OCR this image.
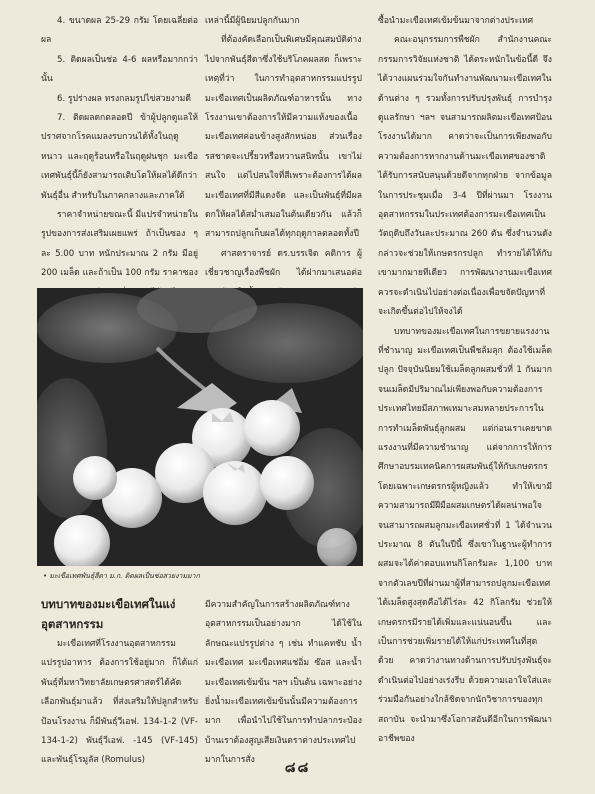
4. ขนาดผล 25-29 กรัม โดยเฉลี่ยต่อผล

5. ติดผลเป็นช่อ 4-6 ผลหรือมากกว่านั้น

6. รูปร่างผล ทรงกลมรูปไข่สวยงามดี

7. ติดผลดกตลอดปี ข้าผู้ปลูกดูแลให้ปราศจากโรคแมลงรบกวนได้ทั้งในฤดูหนาว และฤดูร้อนหรือในฤดูฝนชุก มะเขือเทศพันธุ์นี้ก็ยังสามารถเติบโตให้ผลได้ดีกว่าพันธุ์อื่น สำหรับในภาคกลางและภาคใต้

ราคาจำหน่ายขณะนี้ มีแปรจำหน่ายในรูปของการส่งเสริมเผยแพร่ ถ้าเป็นซอง ๆ ละ 5.00 บาท หนักประมาณ 2 กรัม มีอยู่ 200 เมล็ด และถ้าเป็น 100 กรัม ราคาซอง

เหล่านี้มีผู้นิยมปลูกกันมาก

ที่ต้องคัดเลือกเป็นพิเศษมีคุณสมบัติต่างไปจากพันธุ์สีดาซึ่งใช้บริโภคผลสด ก็เพราะเหตุที่ว่า ในการทำอุตสาหกรรมแปรรูปมะเขือเทศเป็นผลิตภัณฑ์อาหารนั้น ทางโรงงานเขาต้องการให้มีความแห้งของเนื้อมะเขือเทศค่อนข้างสูงสักหน่อย ส่วนเรื่องรสชาดจะเปรี้ยวหรือหวานสนิทนั้น เขาไม่สนใจ แต่ไปสนใจที่สีเพราะต้องการได้ผลมะเขือเทศที่มีสีแดงจัด และเป็นพันธุ์ที่มีผลดกให้ผลได้สม่ำเสมอในต้นเดียวกัน แล้วก็สามารถปลูกเก็บผลได้ทุกฤดูกาลตลอดทั้งปี

ศาสตราจารย์ ดร.บรรเจิด คติการ ผู้เชี่ยวชาญเรื่องพืชผัก ได้ฝากมาเสนอต่อ

ซื้อนำมะเขือเทศเข้มข้นมาจากต่างประเทศ

คณะอนุกรรมการพืชผัก สำนักงานคณะกรรมการวิจัยแห่งชาติ ได้ตระหนักในข้อนี้ดี จึงได้วางแผนร่วมใจกันทำงานพัฒนามะเขือเทศในด้านต่าง ๆ รวมทั้งการปรับปรุงพันธุ์ การบำรุงดูแลรักษา ฯลฯ จนสามารถผลิตมะเขือเทศป้อนโรงงานได้มาก คาดว่าจะเป็นการเพียงพอกับความต้องการหากงานด้านมะเขือเทศของชาติได้รับการสนับสนุนด้วยดีจากทุกฝ่าย จากข้อมูลในการประชุมเมื่อ 3-4 ปีที่ผ่านมา โรงงานอุตสาหกรรมในประเทศต้องการมะเขือเทศเป็นวัตถุดิบถึงวันละประมาณ 260 ตัน ซึ่งจำนวนดังกล่าวจะช่วยให้เกษตรกรปลูก ทำรายได้ให้กับเขามากมายทีเดียว การพัฒนางานมะเขือเทศควรจะดำเนินไปอย่างต่อเนื่องเพื่อขจัดปัญหาที่จะเกิดขึ้นต่อไปให้จงได้

บทบาทของมะเขือเทศในการขยายแรงงานที่ชำนาญ มะเขือเทศเป็นพืชล้มลุก ต้องใช้เมล็ดปลูก ปัจจุบันนิยมใช้เมล็ดลูกผสมชั่วที่ 1 กันมาก จนเมล็ดมีปริมาณไม่เพียงพอกับความต้องการ ประเทศไทยมีสภาพเหมาะสมหลายประการในการทำเมล็ดพันธุ์ลูกผสม แต่ก่อนเราเคยขาดแรงงานที่มีความชำนาญ แต่จากการให้การศึกษาอบรมเทคนิคการผสมพันธุ์ให้กับเกษตรกร โดยเฉพาะเกษตรกรผู้หญิงแล้ว ทำให้เขามีความสามารถมีฝีมือผสมเกษตรได้ผลน่าพอใจ จนสามารถผสมลูกมะเขือเทศชั่วที่ 1 ได้จำนวนประมาณ 8 ตันในปีนี้ ซึ่งเขาในฐานะผู้ทำการผสมจะได้ค่าตอบแทนกิโลกรัมละ 1,100 บาท จากตัวเลขปีที่ผ่านมาผู้ที่สามารถปลูกมะเขือเทศได้เมล็ดสูงสุดคือได้ไร่ละ 42 กิโลกรัม ช่วยให้เกษตรกรมีรายได้เพิ่มและแน่นอนขึ้น และเป็นการช่วยเพิ่มรายได้ให้แก่ประเทศในที่สุดด้วย คาดว่างานทางด้านการปรับปรุงพันธุ์จะดำเนินต่อไปอย่างเร่งรีบ ด้วยความเอาใจใส่และร่วมมือกันอย่างใกล้ชิดจากนักวิชาการของทุกสถาบัน จะนำมาซึ่งโอกาสอันดีอีกในการพัฒนาอาชีพของ

• มะเขือเทศพันธุ์สีดา ม.ก. ติดผลเป็นช่อสวยงามมาก
บทบาทของมะเขือเทศในแง่อุตสาหกรรม

มะเขือเทศที่โรงงานอุตสาหกรรมแปรรูปอาหาร ต้องการใช้อยู่มาก ก็ได้แก่พันธุ์ที่มหาวิทยาลัยเกษตรศาสตร์ได้คัดเลือกพันธุ์มาแล้ว ที่ส่งเสริมให้ปลูกสำหรับป้อนโรงงาน ก็มีพันธุ์วีเอฟ. 134-1-2 (VF-134-1-2) พันธุ์วีเอฟ. -145 (VF-145) และพันธุ์โรมูลัส (Romulus)

มีความสำคัญในการสร้างผลิตภัณฑ์ทางอุตสาหกรรมเป็นอย่างมาก ได้ใช้ในลักษณะแปรรูปต่าง ๆ เช่น ทำแคทชับ น้ำมะเขือเทศ มะเขือเทศแช่อิ่ม ซ๊อส และน้ำมะเขือเทศเข้มข้น ฯลฯ เป็นต้น เฉพาะอย่างยิ่งน้ำมะเขือเทศเข้มข้นนั้นมีความต้องการมาก เพื่อนำไปใช้ในการทำปลากระป๋อง บ้านเราต้องสูญเสียเงินตราต่างประเทศไปมากในการสั่ง	๘๘
